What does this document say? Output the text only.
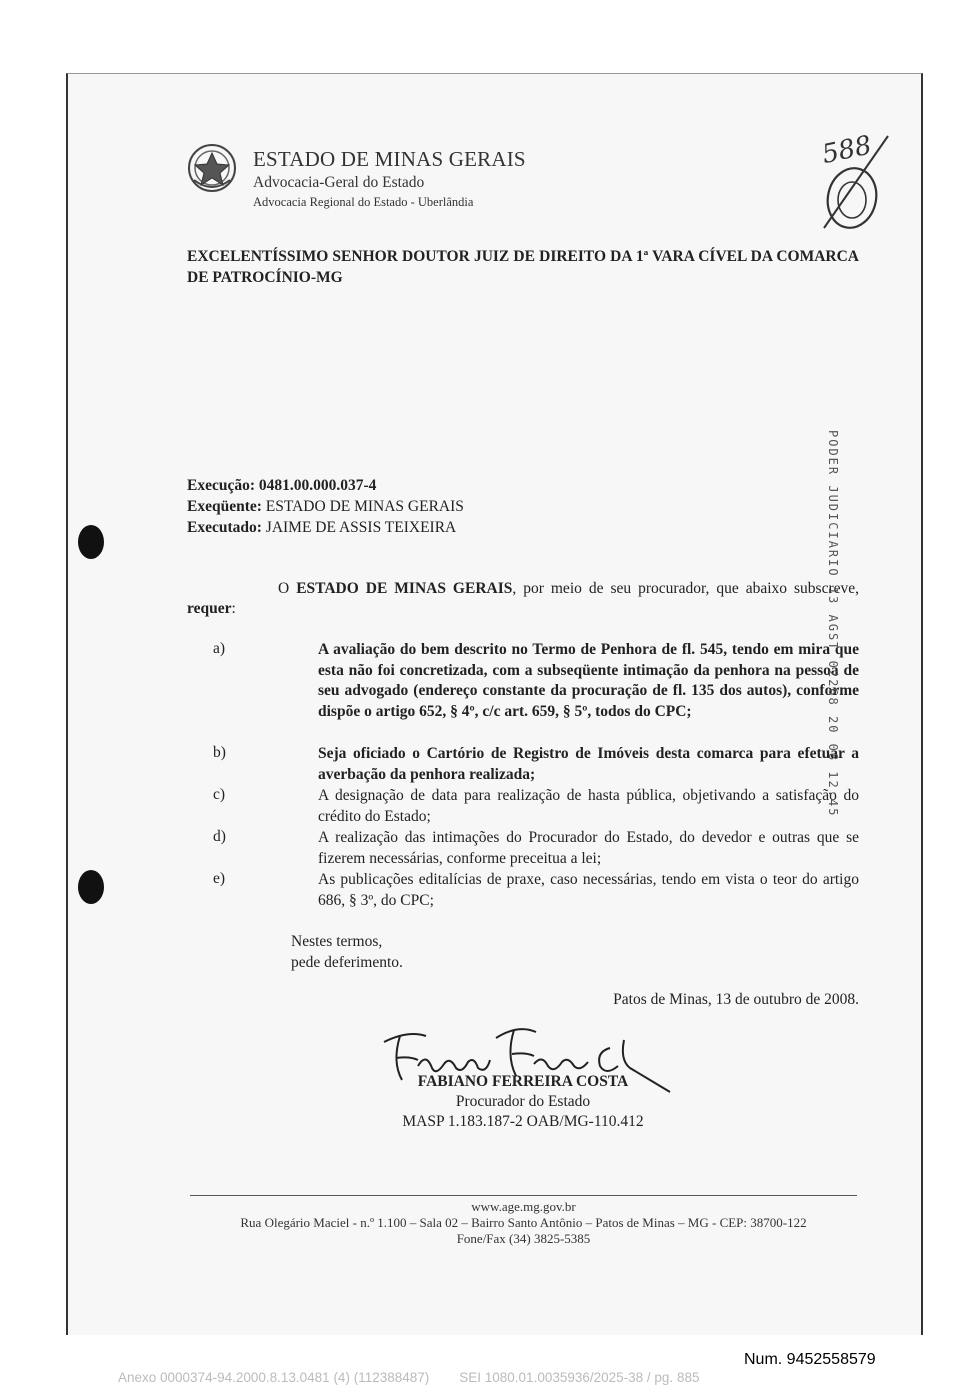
ESTADO DE MINAS GERAIS
Advocacia-Geral do Estado
Advocacia Regional do Estado - Uberlândia
588
EXCELENTÍSSIMO SENHOR DOUTOR JUIZ DE DIREITO DA 1ª VARA CÍVEL DA COMARCA DE PATROCÍNIO-MG
Execução: 0481.00.000.037-4
Exeqüente: ESTADO DE MINAS GERAIS
Executado: JAIME DE ASSIS TEIXEIRA
O ESTADO DE MINAS GERAIS, por meio de seu procurador, que abaixo subscreve, requer:
a)	A avaliação do bem descrito no Termo de Penhora de fl. 545, tendo em mira que esta não foi concretizada, com a subseqüente intimação da penhora na pessoa de seu advogado (endereço constante da procuração de fl. 135 dos autos), conforme dispõe o artigo 652, § 4º, c/c art. 659, § 5º, todos do CPC;
b)	Seja oficiado o Cartório de Registro de Imóveis desta comarca para efetuar a averbação da penhora realizada;
c)	A designação de data para realização de hasta pública, objetivando a satisfação do crédito do Estado;
d)	A realização das intimações do Procurador do Estado, do devedor e outras que se fizerem necessárias, conforme preceitua a lei;
e)	As publicações editalícias de praxe, caso necessárias, tendo em vista o teor do artigo 686, § 3º, do CPC;
Nestes termos,
pede deferimento.
Patos de Minas, 13 de outubro de 2008.
FABIANO FERREIRA COSTA
Procurador do Estado
MASP 1.183.187-2 OAB/MG-110.412
www.age.mg.gov.br
Rua Olegário Maciel - n.º 1.100 – Sala 02 – Bairro Santo Antônio – Patos de Minas – MG - CEP: 38700-122
Fone/Fax (34) 3825-5385
PODER JUDICIARIO 13 AGST 02268 20 08 12:45
Num. 9452558579
Anexo 0000374-94.2000.8.13.0481 (4) (112388487)        SEI 1080.01.0035936/2025-38 / pg. 885
